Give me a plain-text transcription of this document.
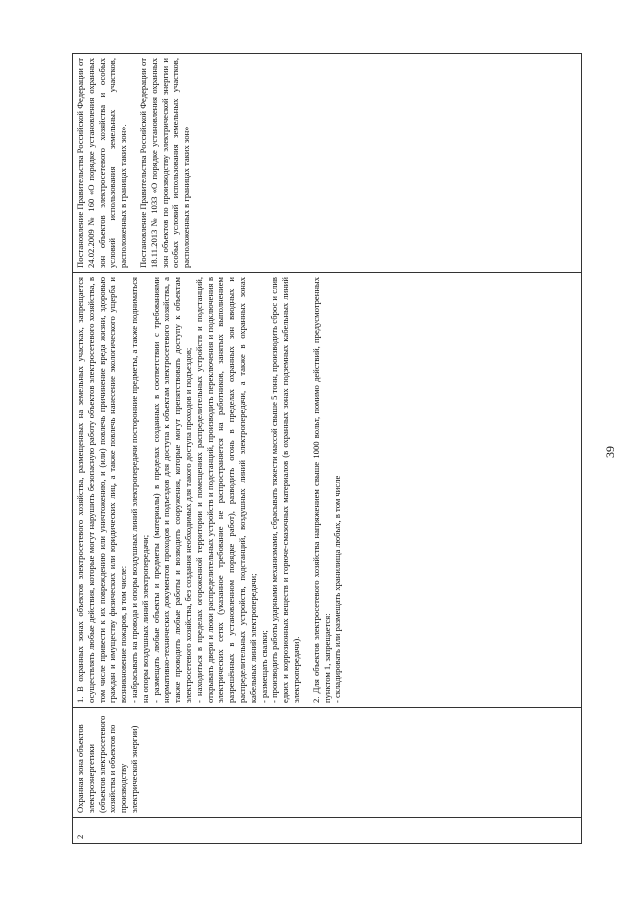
39
2	

Охранная зона объектов электроэнергетики (объектов электросетевого хозяйства и объектов по производству электрической энергии)

1. В охранных зонах объектов электросетевого хозяйства, размещенных на земельных участках, запрещается осуществлять любые действия, которые могут нарушить безопасную работу объектов электросетевого хозяйства, в том числе привести к их повреждению или уничтожению, и (или) повлечь причинение вреда жизни, здоровью граждан и имуществу физических или юридических лиц, а также повлечь нанесение экологического ущерба и возникновение пожаров, в том числе: - набрасывать на провода и опоры воздушных линий электропередачи посторонние предметы, а также подниматься на опоры воздушных линий электропередачи; - размещать любые объекты и предметы (материалы) в пределах созданных в соответствии с требованиями нормативно-технических документов проходов и подъездов для доступа к объектам электросетевого хозяйства, а также проводить любые работы и возводить сооружения, которые могут препятствовать доступу к объектам электросетевого хозяйства, без создания необходимых для такого доступа проходов и подъездов; - находиться в пределах огороженной территории и помещениях распределительных устройств и подстанций, открывать двери и люки распределительных устройств и подстанций, производить переключения и подключения в электрических сетях (указанное требование не распространяется на работников, занятых выполнением разрешённых в установленном порядке работ), разводить огонь в пределах охранных зон вводных и распределительных устройств, подстанций, воздушных линий электропередачи, а также в охранных зонах кабельных линий электропередачи; - размещать свалки; - производить работы ударными механизмами, сбрасывать тяжести массой свыше 5 тонн, производить сброс и слив едких и коррозионных веществ и горюче-смазочных материалов (в охранных зонах подземных кабельных линий электропередачи). 2. Для объектов электросетевого хозяйства напряжением свыше 1000 вольт, помимо действий, предусмотренных пунктом 1, запрещается: - складировать или размещать хранилища любых, в том числе

Постановление Правительства Российской Федерации от 24.02.2009 № 160 «О порядке установления охранных зон объектов электросетевого хозяйства и особых условий использования земельных участков, расположенных в границах таких зон». Постановление Правительства Российской Федерации от 18.11.2013 № 1033 «О порядке установления охранных зон объектов по производству электрической энергии и особых условий использования земельных участков, расположенных в границах таких зон»
